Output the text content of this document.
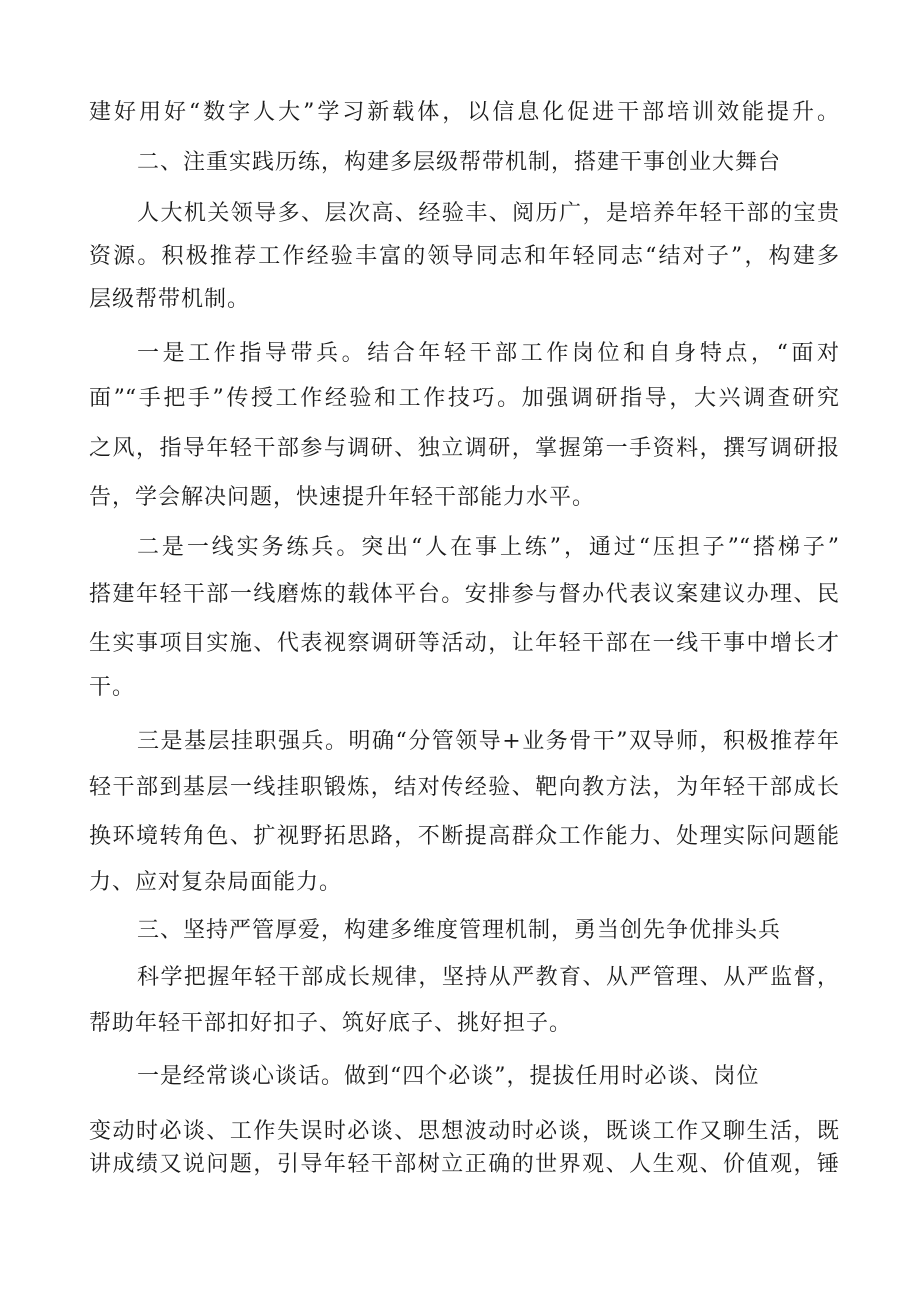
建好用好“数字人大”学习新载体，以信息化促进干部培训效能提升。
二、注重实践历练，构建多层级帮带机制，搭建干事创业大舞台
人大机关领导多、层次高、经验丰、阅历广，是培养年轻干部的宝贵
资源。积极推荐工作经验丰富的领导同志和年轻同志“结对子”，构建多
层级帮带机制。
一是工作指导带兵。结合年轻干部工作岗位和自身特点，“面对
面”“手把手”传授工作经验和工作技巧。加强调研指导，大兴调查研究
之风，指导年轻干部参与调研、独立调研，掌握第一手资料，撰写调研报
告，学会解决问题，快速提升年轻干部能力水平。
二是一线实务练兵。突出“人在事上练”，通过“压担子”“搭梯子”
搭建年轻干部一线磨炼的载体平台。安排参与督办代表议案建议办理、民
生实事项目实施、代表视察调研等活动，让年轻干部在一线干事中增长才
干。
三是基层挂职强兵。明确“分管领导+业务骨干”双导师，积极推荐年
轻干部到基层一线挂职锻炼，结对传经验、靶向教方法，为年轻干部成长
换环境转角色、扩视野拓思路，不断提高群众工作能力、处理实际问题能
力、应对复杂局面能力。
三、坚持严管厚爱，构建多维度管理机制，勇当创先争优排头兵
科学把握年轻干部成长规律，坚持从严教育、从严管理、从严监督，
帮助年轻干部扣好扣子、筑好底子、挑好担子。
一是经常谈心谈话。做到“四个必谈”，提拔任用时必谈、岗位
变动时必谈、工作失误时必谈、思想波动时必谈，既谈工作又聊生活，既
讲成绩又说问题，引导年轻干部树立正确的世界观、人生观、价值观，锤
